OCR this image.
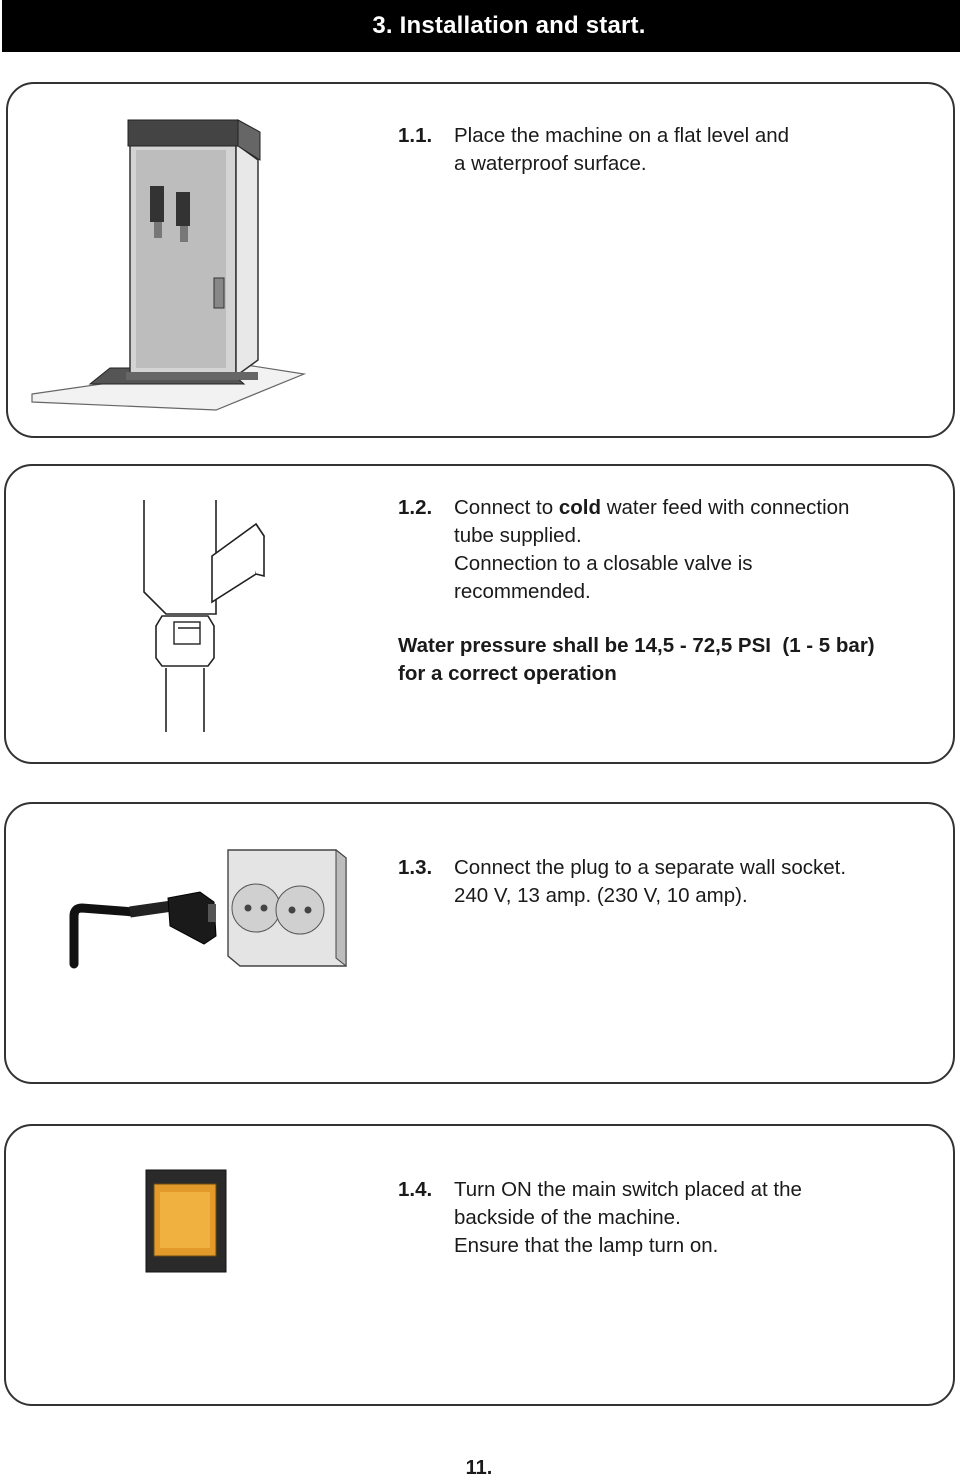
3. Installation and start.
1.1. Place the machine on a flat level and
a waterproof surface.
1.2. Connect to cold water feed with connection
tube supplied.
Connection to a closable valve is
recommended.
Water pressure shall be 14,5 - 72,5 PSI  (1 - 5 bar)
for a correct operation
1.3. Connect the plug to a separate wall socket.
240 V, 13 amp. (230 V, 10 amp).
1.4. Turn ON the main switch placed at the
backside of the machine.
Ensure that the lamp turn on.
11.
